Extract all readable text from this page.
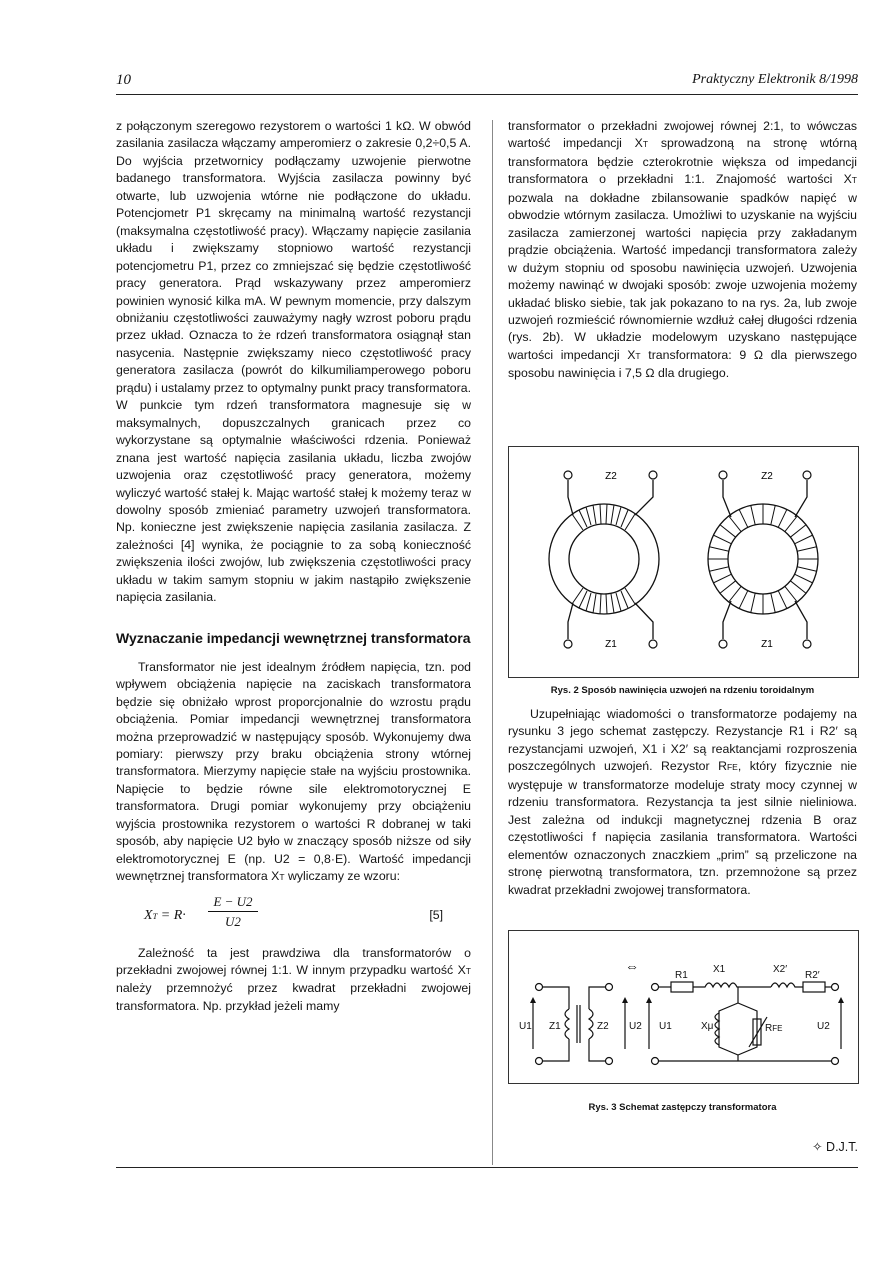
10	Praktyczny Elektronik 8/1998

z połączonym szeregowo rezystorem o wartości 1 kΩ. W obwód zasilania zasilacza włączamy amperomierz o zakresie 0,2÷0,5 A. Do wyjścia przetwornicy podłączamy uzwojenie pierwotne badanego transformatora. Wyjścia zasilacza powinny być otwarte, lub uzwojenia wtórne nie podłączone do układu. Potencjometr P1 skręcamy na minimalną wartość rezystancji (maksymalna częstotliwość pracy). Włączamy napięcie zasilania układu i zwiększamy stopniowo wartość rezystancji potencjometru P1, przez co zmniejszać się będzie częstotliwość pracy generatora. Prąd wskazywany przez amperomierz powinien wynosić kilka mA. W pewnym momencie, przy dalszym obniżaniu częstotliwości zauważymy nagły wzrost poboru prądu przez układ. Oznacza to że rdzeń transformatora osiągnął stan nasycenia. Następnie zwiększamy nieco częstotliwość pracy generatora zasilacza (powrót do kilkumiliamperowego poboru prądu) i ustalamy przez to optymalny punkt pracy transformatora. W punkcie tym rdzeń transformatora magnesuje się w maksymalnych, dopuszczalnych granicach przez co wykorzystane są optymalnie właściwości rdzenia. Ponieważ znana jest wartość napięcia zasilania układu, liczba zwojów uzwojenia oraz częstotliwość pracy generatora, możemy wyliczyć wartość stałej k. Mając wartość stałej k możemy teraz w dowolny sposób zmieniać parametry uzwojeń transformatora. Np. konieczne jest zwiększenie napięcia zasilania zasilacza. Z zależności [4] wynika, że pociągnie to za sobą konieczność zwiększenia ilości zwojów, lub zwiększenia częstotliwości pracy układu w takim samym stopniu w jakim nastąpiło zwiększenie napięcia zasilania.

Wyznaczanie impedancji wewnętrznej transformatora

Transformator nie jest idealnym źródłem napięcia, tzn. pod wpływem obciążenia napięcie na zaciskach transformatora będzie się obniżało wprost proporcjonalnie do wzrostu prądu obciążenia. Pomiar impedancji wewnętrznej transformatora można przeprowadzić w następujący sposób. Wykonujemy dwa pomiary: pierwszy przy braku obciążenia strony wtórnej transformatora. Mierzymy napięcie stałe na wyjściu prostownika. Napięcie to będzie równe sile elektromotorycznej E transformatora. Drugi pomiar wykonujemy przy obciążeniu wyjścia prostownika rezystorem o wartości R dobranej w taki sposób, aby napięcie U2 było w znaczący sposób niższe od siły elektromotorycznej E (np. U2 = 0,8·E). Wartość impedancji wewnętrznej transformatora XT wyliczamy ze wzoru:

XT = $R\cdot \frac{E - U2}{U2}$	[5]

Zależność ta jest prawdziwa dla transformatorów o przekładni zwojowej równej 1:1. W innym przypadku wartość XT należy przemnożyć przez kwadrat przekładni zwojowej transformatora. Np. przykład jeżeli mamy

transformator o przekładni zwojowej równej 2:1, to wówczas wartość impedancji XT sprowadzoną na stronę wtórną transformatora będzie czterokrotnie większa od impedancji transformatora o przekładni 1:1. Znajomość wartości XT pozwala na dokładne zbilansowanie spadków napięć w obwodzie wtórnym zasilacza. Umożliwi to uzyskanie na wyjściu zasilacza zamierzonej wartości napięcia przy zakładanym prądzie obciążenia. Wartość impedancji transformatora zależy w dużym stopniu od sposobu nawinięcia uzwojeń. Uzwojenia możemy nawinąć w dwojaki sposób: zwoje uzwojenia możemy układać blisko siebie, tak jak pokazano to na rys. 2a, lub zwoje uzwojeń rozmieścić równomiernie wzdłuż całej długości rdzenia (rys. 2b). W układzie modelowym uzyskano następujące wartości impedancji XT transformatora: 9 Ω dla pierwszego sposobu nawinięcia i 7,5 Ω dla drugiego.

Z2
Z1
Z2
Z1
Rys. 2 Sposób nawinięcia uzwojeń na rdzeniu toroidalnym

Uzupełniając wiadomości o transformatorze podajemy na rysunku 3 jego schemat zastępczy. Rezystancje R1 i R2′ są rezystancjami uzwojeń, X1 i X2′ są reaktancjami rozproszenia poszczególnych uzwojeń. Rezystor RFE, który fizycznie nie występuje w transformatorze modeluje straty mocy czynnej w rdzeniu transformatora. Rezystancja ta jest silnie nieliniowa. Jest zależna od indukcji magnetycznej rdzenia B oraz częstotliwości f napięcia zasilania transformatora. Wartości elementów oznaczonych znaczkiem „prim” są przeliczone na stronę pierwotną transformatora, tzn. przemnożone są przez kwadrat przekładni zwojowej transformatora.

U1 Z1	Z2 U2
⇔
R1
X1	X2′
R2′
U1	Xμ	RFE	U2
Rys. 3 Schemat zastępczy transformatora
✧ D.J.T.
